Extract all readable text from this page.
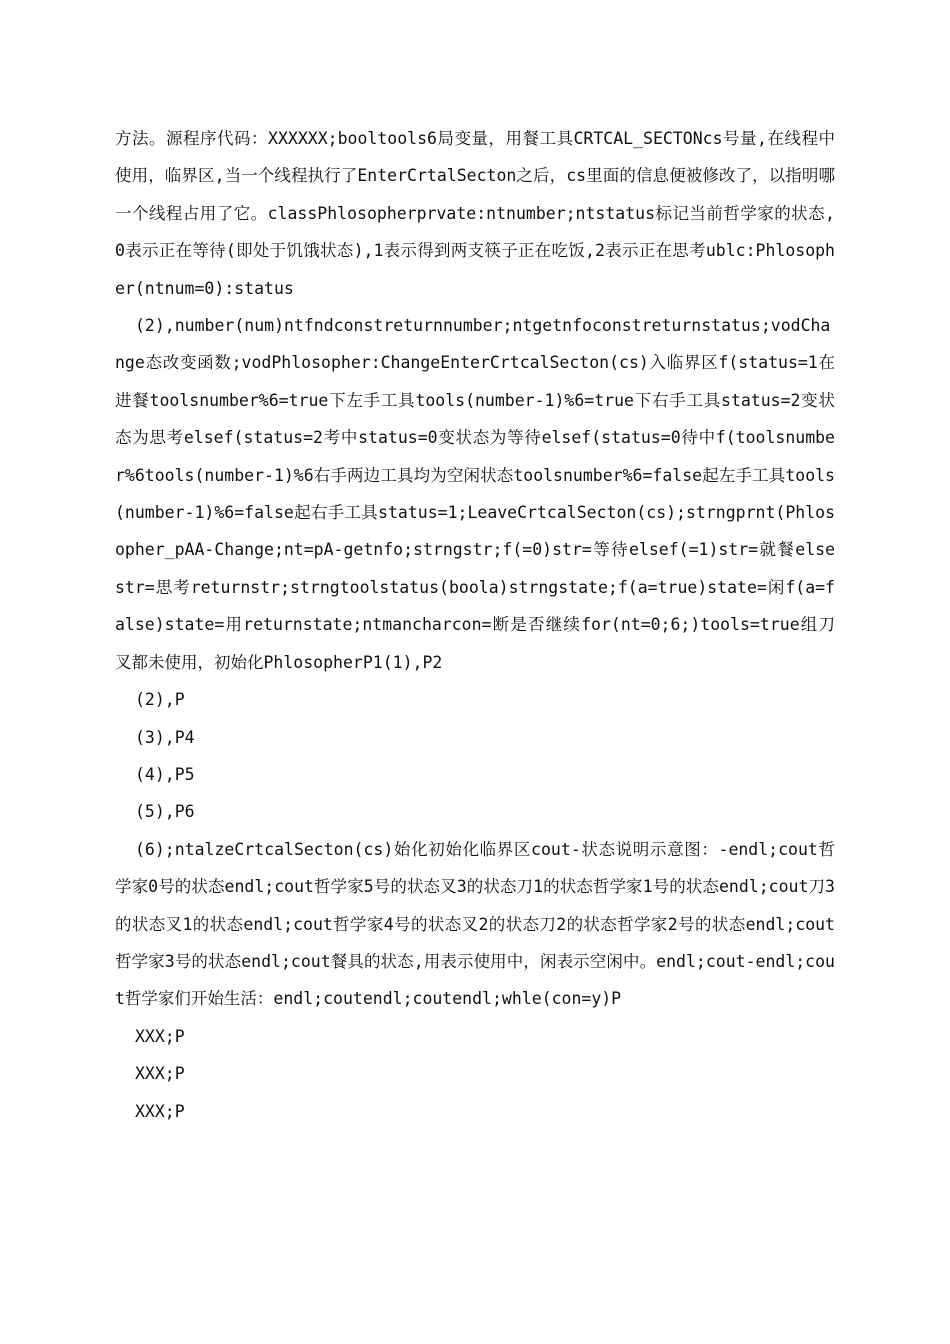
方法。源程序代码：XXXXXX;booltools6局变量，用餐工具CRTCAL_SECTONcs号量,在线程中使用，临界区,当一个线程执行了EnterCrtalSecton之后，cs里面的信息便被修改了，以指明哪一个线程占用了它。classPhlosopherprvate:ntnumber;ntstatus标记当前哲学家的状态,0表示正在等待(即处于饥饿状态),1表示得到两支筷子正在吃饭,2表示正在思考ublc:Phlosopher(ntnum=0):status

(2),number(num)ntfndconstreturnnumber;ntgetnfoconstreturnstatus;vodChange态改变函数;vodPhlosopher:ChangeEnterCrtcalSecton(cs)入临界区f(status=1在进餐toolsnumber%6=true下左手工具tools(number-1)%6=true下右手工具status=2变状态为思考elsef(status=2考中status=0变状态为等待elsef(status=0待中f(toolsnumber%6tools(number-1)%6右手两边工具均为空闲状态toolsnumber%6=false起左手工具tools(number-1)%6=false起右手工具status=1;LeaveCrtcalSecton(cs);strngprnt(Phlosopher_pAA-Change;nt=pA-getnfo;strngstr;f(=0)str=等待elsef(=1)str=就餐elsestr=思考returnstr;strngtoolstatus(boola)strngstate;f(a=true)state=闲f(a=false)state=用returnstate;ntmancharcon=断是否继续for(nt=0;6;)tools=true组刀叉都未使用，初始化PhlosopherP1(1),P2

(2),P

(3),P4

(4),P5

(5),P6

(6);ntalzeCrtcalSecton(cs)始化初始化临界区cout-状态说明示意图：-endl;cout哲学家0号的状态endl;cout哲学家5号的状态叉3的状态刀1的状态哲学家1号的状态endl;cout刀3的状态叉1的状态endl;cout哲学家4号的状态叉2的状态刀2的状态哲学家2号的状态endl;cout哲学家3号的状态endl;cout餐具的状态,用表示使用中，闲表示空闲中。endl;cout-endl;cout哲学家们开始生活：endl;coutendl;coutendl;whle(con=y)P

XXX;P

XXX;P

XXX;P
